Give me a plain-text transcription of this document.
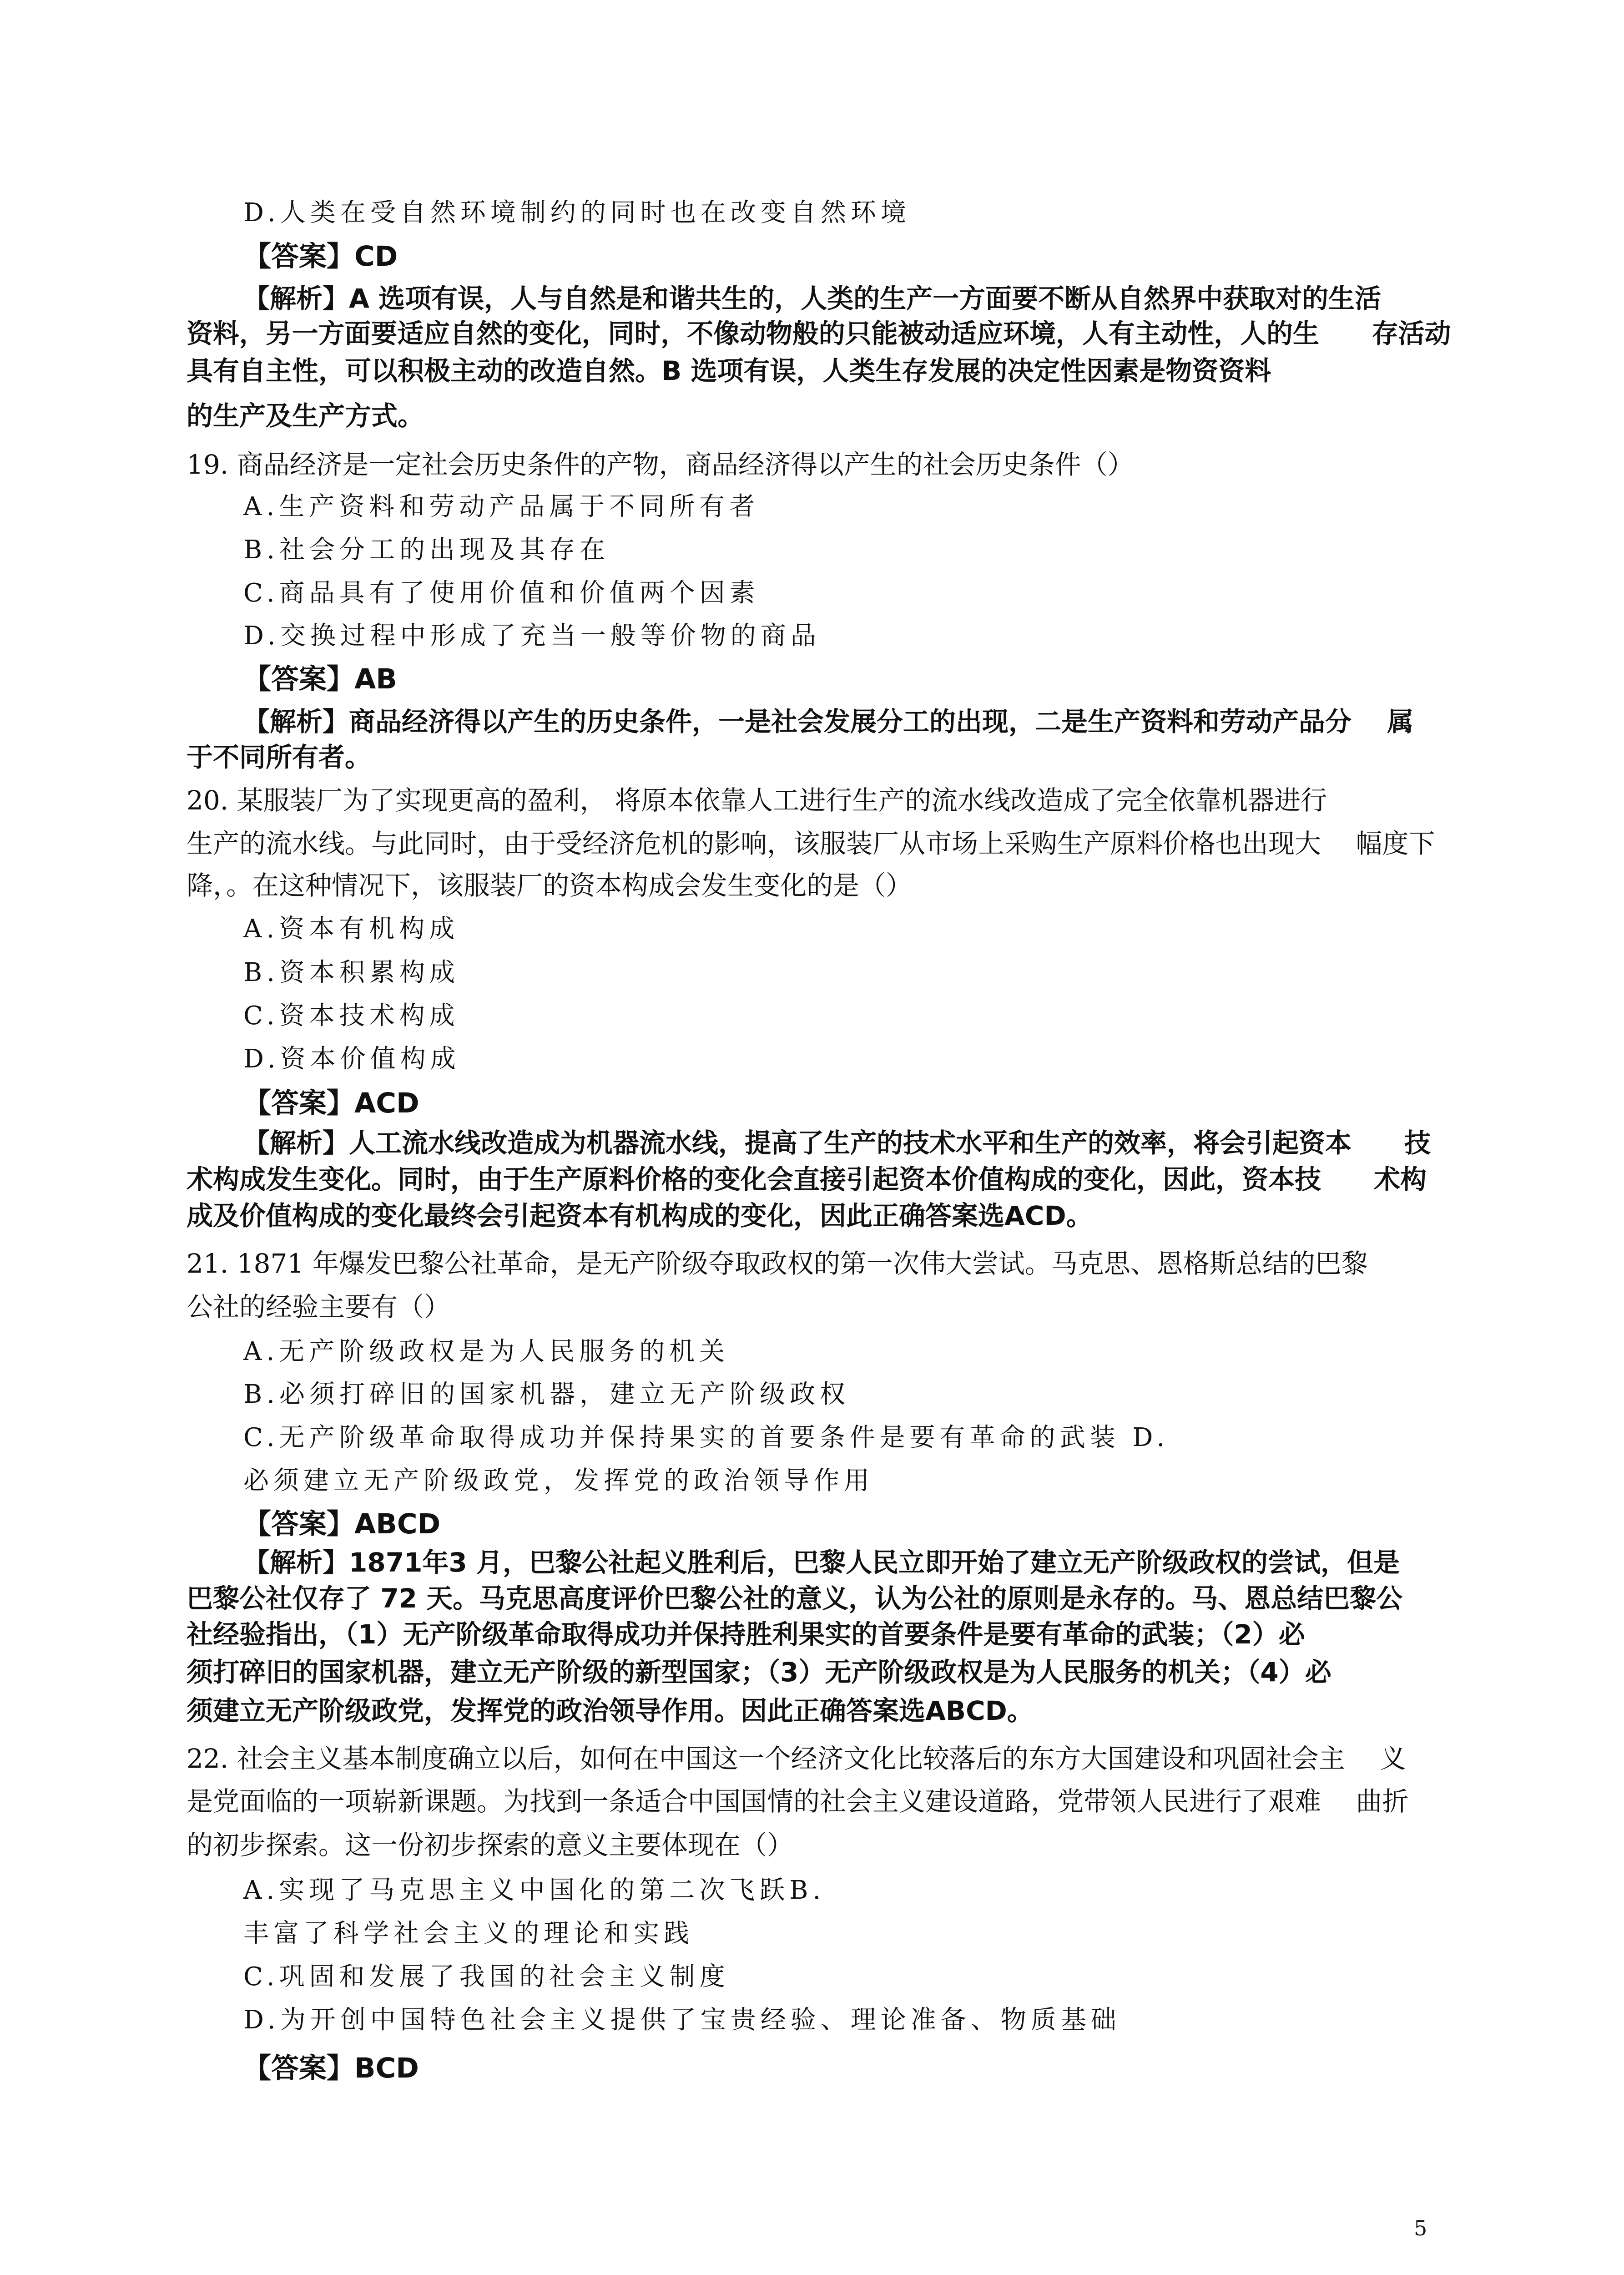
D.人类在受自然环境制约的同时也在改变自然环境
【答案】CD
【解析】A 选项有误，人与自然是和谐共生的，人类的生产一方面要不断从自然界中获取对的生活
资料，另一方面要适应自然的变化，同时，不像动物般的只能被动适应环境，人有主动性，人的生　　存活动
具有自主性，可以积极主动的改造自然。B 选项有误，人类生存发展的决定性因素是物资资料
的生产及生产方式。
19. 商品经济是一定社会历史条件的产物，商品经济得以产生的社会历史条件（）
A.生产资料和劳动产品属于不同所有者
B.社会分工的出现及其存在
C.商品具有了使用价值和价值两个因素
D.交换过程中形成了充当一般等价物的商品
【答案】AB
【解析】商品经济得以产生的历史条件，一是社会发展分工的出现，二是生产资料和劳动产品分　 属
于不同所有者。
20. 某服装厂为了实现更高的盈利， 将原本依靠人工进行生产的流水线改造成了完全依靠机器进行
生产的流水线。与此同时，由于受经济危机的影响，该服装厂从市场上采购生产原料价格也出现大　 幅度下
降，。在这种情况下，该服装厂的资本构成会发生变化的是（）
A.资本有机构成
B.资本积累构成
C.资本技术构成
D.资本价值构成
【答案】ACD
【解析】人工流水线改造成为机器流水线，提高了生产的技术水平和生产的效率，将会引起资本　　技
术构成发生变化。同时，由于生产原料价格的变化会直接引起资本价值构成的变化，因此，资本技　　术构
成及价值构成的变化最终会引起资本有机构成的变化，因此正确答案选ACD。
21. 1871 年爆发巴黎公社革命，是无产阶级夺取政权的第一次伟大尝试。马克思、恩格斯总结的巴黎
公社的经验主要有（）
A.无产阶级政权是为人民服务的机关
B.必须打碎旧的国家机器，建立无产阶级政权
C.无产阶级革命取得成功并保持果实的首要条件是要有革命的武装 D.
必须建立无产阶级政党，发挥党的政治领导作用
【答案】ABCD
【解析】1871年3 月，巴黎公社起义胜利后，巴黎人民立即开始了建立无产阶级政权的尝试，但是
巴黎公社仅存了 72 天。马克思高度评价巴黎公社的意义，认为公社的原则是永存的。马、恩总结巴黎公
社经验指出，（1）无产阶级革命取得成功并保持胜利果实的首要条件是要有革命的武装；（2）必
须打碎旧的国家机器，建立无产阶级的新型国家；（3）无产阶级政权是为人民服务的机关；（4）必
须建立无产阶级政党，发挥党的政治领导作用。因此正确答案选ABCD。
22. 社会主义基本制度确立以后，如何在中国这一个经济文化比较落后的东方大国建设和巩固社会主　 义
是党面临的一项崭新课题。为找到一条适合中国国情的社会主义建设道路，党带领人民进行了艰难　 曲折
的初步探索。这一份初步探索的意义主要体现在（）
A.实现了马克思主义中国化的第二次飞跃B.
丰富了科学社会主义的理论和实践
C.巩固和发展了我国的社会主义制度
D.为开创中国特色社会主义提供了宝贵经验、理论准备、物质基础
【答案】BCD
5
